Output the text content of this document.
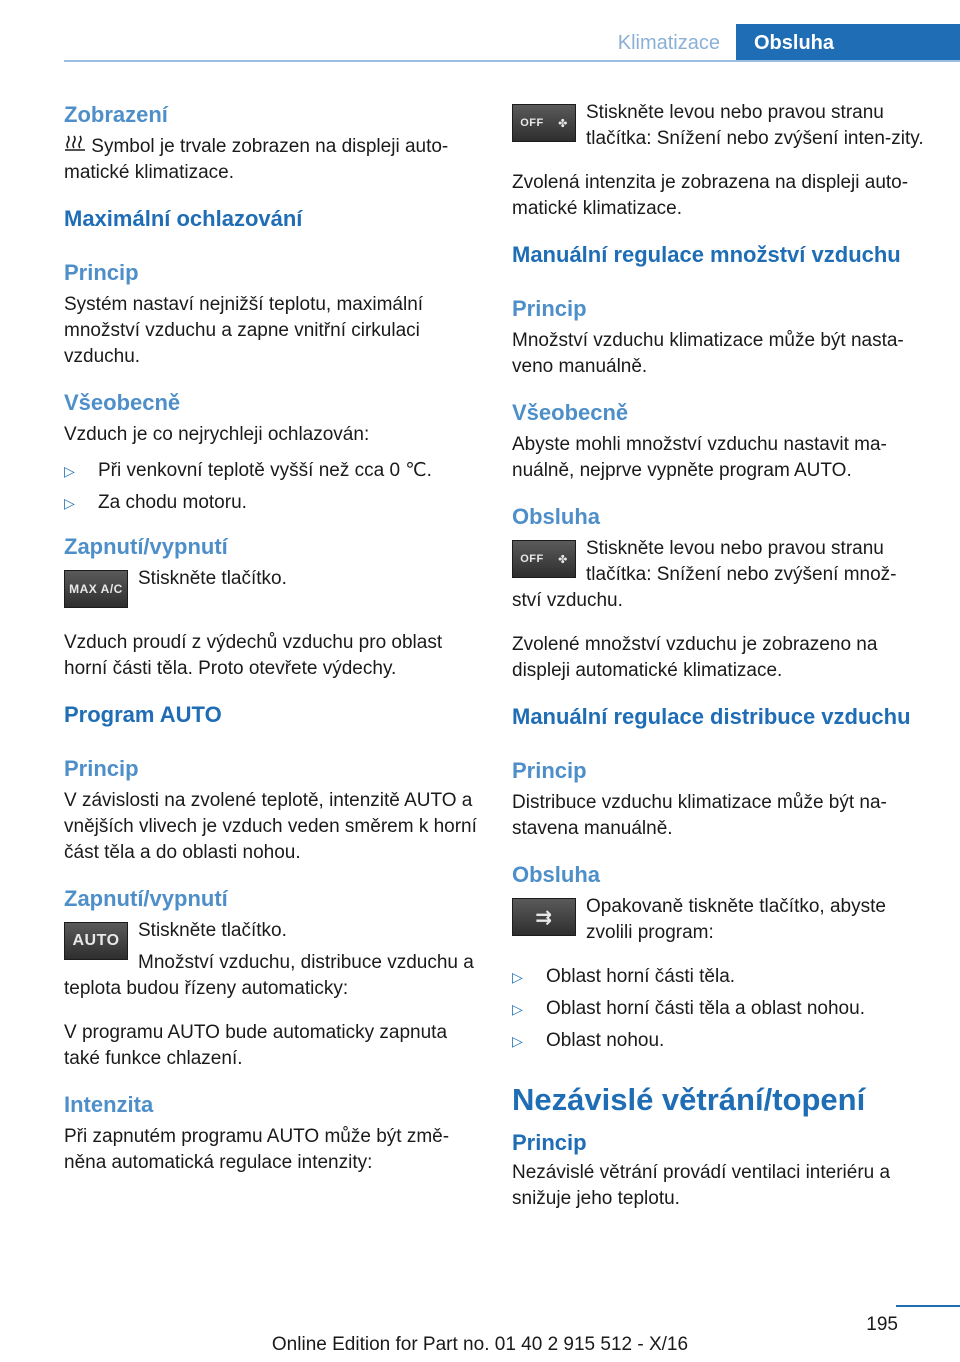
Klimatizace	Obsluha
Zobrazení

Symbol je trvale zobrazen na displeji auto-matické klimatizace.

Maximální ochlazování
Princip

Systém nastaví nejnižší teplotu, maximální množství vzduchu a zapne vnitřní cirkulaci vzduchu.

Všeobecně

Vzduch je co nejrychleji ochlazován:

▷ Při venkovní teplotě vyšší než cca 0 ℃.
▷ Za chodu motoru.
Zapnutí/vypnutí
MAX A/C Stiskněte tlačítko.

Vzduch proudí z výdechů vzduchu pro oblast horní části těla. Proto otevřete výdechy.

Program AUTO
Princip

V závislosti na zvolené teplotě, intenzitě AUTO a vnějších vlivech je vzduch veden směrem k horní část těla a do oblasti nohou.

Zapnutí/vypnutí
AUTO Stiskněte tlačítko.

Množství vzduchu, distribuce vzduchu a teplota budou řízeny automaticky:

V programu AUTO bude automaticky zapnuta také funkce chlazení.

Intenzita

Při zapnutém programu AUTO může být změ-něna automatická regulace intenzity:

OFF ✤

Stiskněte levou nebo pravou stranu tlačítka: Snížení nebo zvýšení inten-zity.

Zvolená intenzita je zobrazena na displeji auto-matické klimatizace.

Manuální regulace množství vzduchu
Princip

Množství vzduchu klimatizace může být nasta-veno manuálně.

Všeobecně

Abyste mohli množství vzduchu nastavit ma-nuálně, nejprve vypněte program AUTO.

Obsluha
OFF ✤

Stiskněte levou nebo pravou stranu tlačítka: Snížení nebo zvýšení množ-ství vzduchu.

Zvolené množství vzduchu je zobrazeno na displeji automatické klimatizace.

Manuální regulace distribuce vzduchu
Princip

Distribuce vzduchu klimatizace může být na-stavena manuálně.

Obsluha
⇉	Opakovaně tiskněte tlačítko, abyste zvolili program:

▷ Oblast horní části těla.
▷ Oblast horní části těla a oblast nohou.
▷ Oblast nohou.
Nezávislé větrání/topení
Princip

Nezávislé větrání provádí ventilaci interiéru a snižuje jeho teplotu.

195
Online Edition for Part no. 01 40 2 915 512 - X/16
